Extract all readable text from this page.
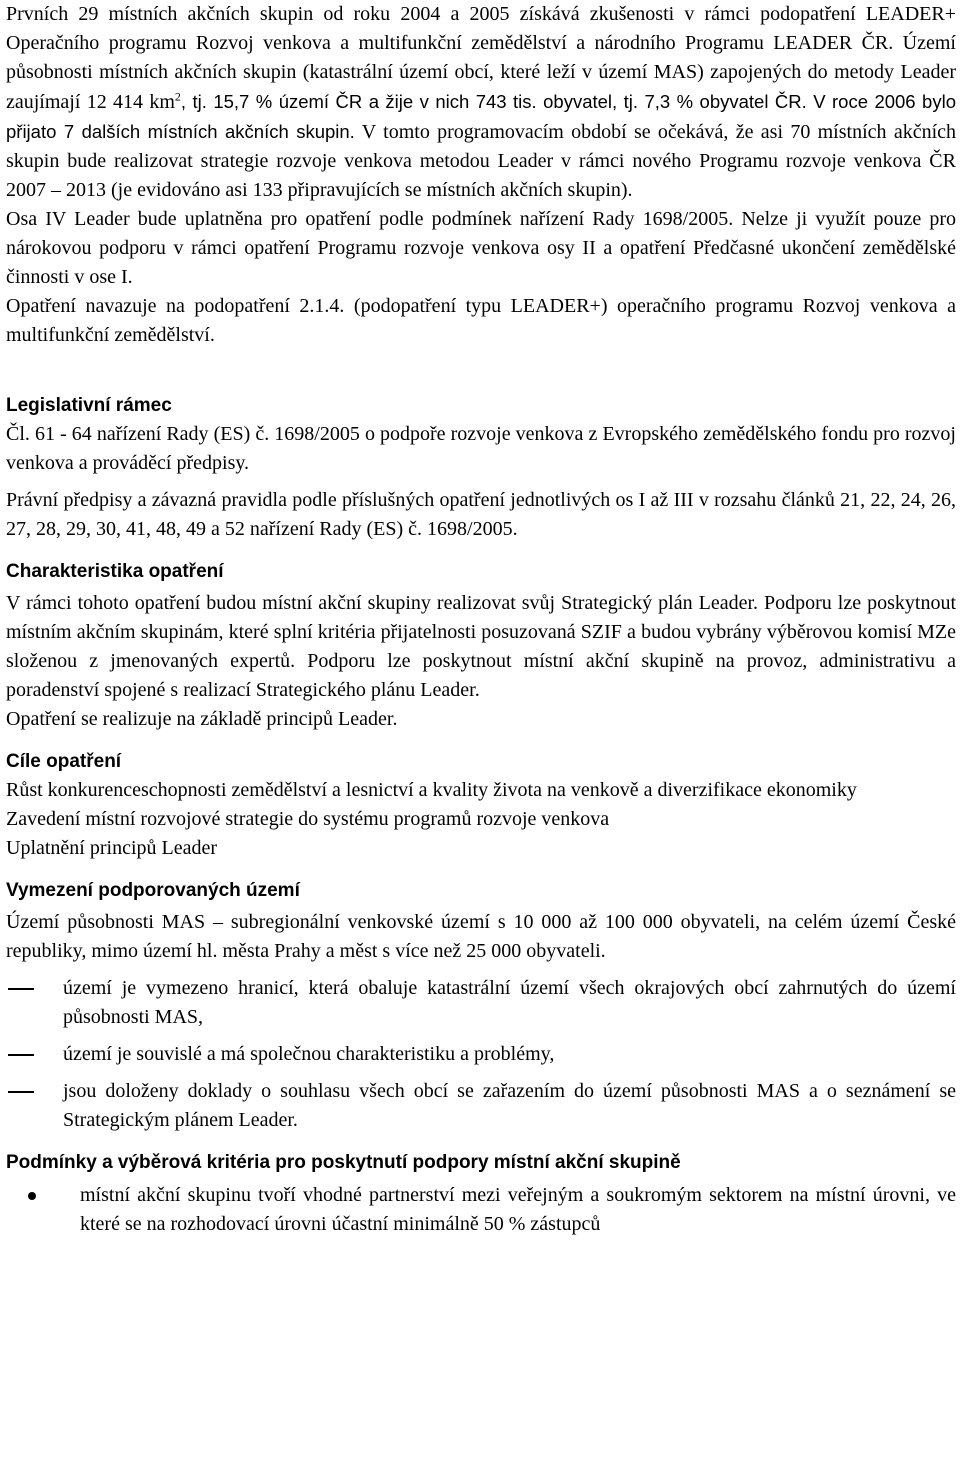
Prvních 29 místních akčních skupin od roku 2004 a 2005 získává zkušenosti v rámci podopatření LEADER+ Operačního programu Rozvoj venkova a multifunkční zemědělství a národního Programu LEADER ČR. Území působnosti místních akčních skupin (katastrální území obcí, které leží v území MAS) zapojených do metody Leader zaujímají 12 414 $km^2$, tj. 15,7 % území ČR a žije v nich 743 tis. obyvatel, tj. 7,3 % obyvatel ČR. V roce 2006 bylo přijato 7 dalších místních akčních skupin. V tomto programovacím období se očekává, že asi 70 místních akčních skupin bude realizovat strategie rozvoje venkova metodou Leader v rámci nového Programu rozvoje venkova ČR 2007 – 2013 (je evidováno asi 133 připravujících se místních akčních skupin).

Osa IV Leader bude uplatněna pro opatření podle podmínek nařízení Rady 1698/2005. Nelze ji využít pouze pro nárokovou podporu v rámci opatření Programu rozvoje venkova osy II a opatření Předčasné ukončení zemědělské činnosti v ose I.

Opatření navazuje na podopatření 2.1.4. (podopatření typu LEADER+) operačního programu Rozvoj venkova a multifunkční zemědělství.

Legislativní rámec

Čl. 61 - 64 nařízení Rady (ES) č. 1698/2005 o podpoře rozvoje venkova z Evropského zemědělského fondu pro rozvoj venkova a prováděcí předpisy.

Právní předpisy a závazná pravidla podle příslušných opatření jednotlivých os I až III v rozsahu článků 21, 22, 24, 26, 27, 28, 29, 30, 41, 48, 49 a 52 nařízení Rady (ES) č. 1698/2005.

Charakteristika opatření

V rámci tohoto opatření budou místní akční skupiny realizovat svůj Strategický plán Leader. Podporu lze poskytnout místním akčním skupinám, které splní kritéria přijatelnosti posuzovaná SZIF a budou vybrány výběrovou komisí MZe složenou z jmenovaných expertů. Podporu lze poskytnout místní akční skupině na provoz, administrativu a poradenství spojené s realizací Strategického plánu Leader.

Opatření se realizuje na základě principů Leader.

Cíle opatření

Růst konkurenceschopnosti zemědělství a lesnictví a kvality života na venkově a diverzifikace ekonomiky

Zavedení místní rozvojové strategie do systému programů rozvoje venkova

Uplatnění principů Leader

Vymezení podporovaných území

Území působnosti MAS – subregionální venkovské území s 10 000 až 100 000 obyvateli, na celém území České republiky, mimo území hl. města Prahy a měst s více než 25 000 obyvateli.

území je vymezeno hranicí, která obaluje katastrální území všech okrajových obcí zahrnutých do území působnosti MAS,

území je souvislé a má společnou charakteristiku a problémy,

jsou doloženy doklady o souhlasu všech obcí se zařazením do území působnosti MAS a o seznámení se Strategickým plánem Leader.

Podmínky a výběrová kritéria pro poskytnutí podpory místní akční skupině

místní akční skupinu tvoří vhodné partnerství mezi veřejným a soukromým sektorem na místní úrovni, ve které se na rozhodovací úrovni účastní minimálně 50 % zástupců
